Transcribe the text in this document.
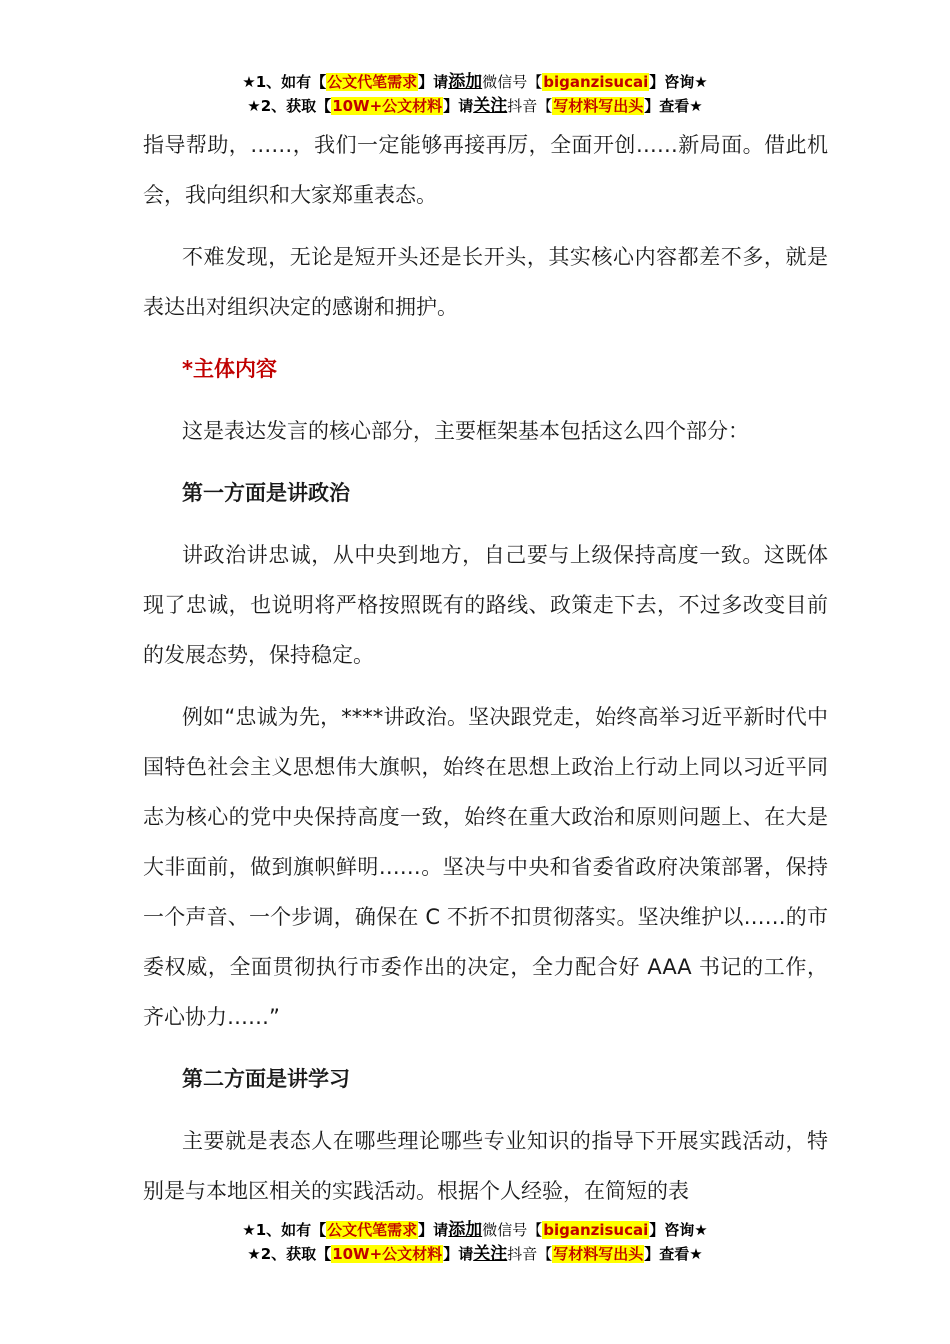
★1、如有【公文代笔需求】请添加微信号【biganzisucai】咨询★
★2、获取【10W+公文材料】请关注抖音【写材料写出头】查看★

指导帮助，……，我们一定能够再接再厉，全面开创……新局面。借此机会，我向组织和大家郑重表态。

不难发现，无论是短开头还是长开头，其实核心内容都差不多，就是表达出对组织决定的感谢和拥护。

*主体内容

这是表达发言的核心部分，主要框架基本包括这么四个部分：

第一方面是讲政治

讲政治讲忠诚，从中央到地方，自己要与上级保持高度一致。这既体现了忠诚，也说明将严格按照既有的路线、政策走下去，不过多改变目前的发展态势，保持稳定。

例如“忠诚为先，****讲政治。坚决跟党走，始终高举习近平新时代中国特色社会主义思想伟大旗帜，始终在思想上政治上行动上同以习近平同志为核心的党中央保持高度一致，始终在重大政治和原则问题上、在大是大非面前，做到旗帜鲜明……。坚决与中央和省委省政府决策部署，保持一个声音、一个步调，确保在 C 不折不扣贯彻落实。坚决维护以……的市委权威，全面贯彻执行市委作出的决定，全力配合好 AAA 书记的工作，齐心协力……”

第二方面是讲学习

主要就是表态人在哪些理论哪些专业知识的指导下开展实践活动，特别是与本地区相关的实践活动。根据个人经验，在简短的表

★1、如有【公文代笔需求】请添加微信号【biganzisucai】咨询★
★2、获取【10W+公文材料】请关注抖音【写材料写出头】查看★
